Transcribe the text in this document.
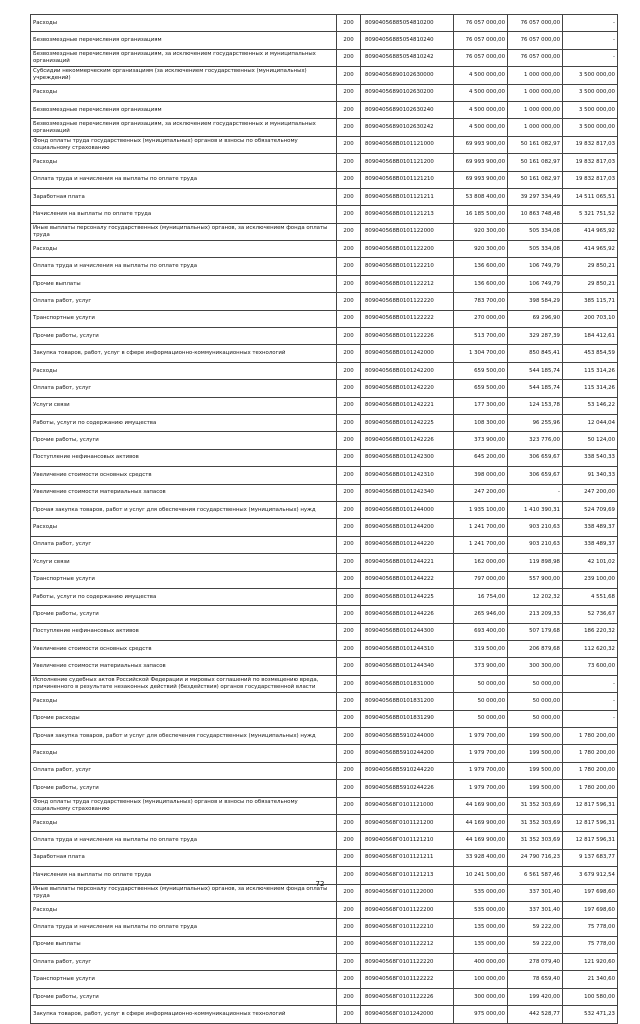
Расходы	200	80904056885054810200	76 057 000,00	76 057 000,00	-
Безвозмездные перечисления организациям	200	80904056885054810240	76 057 000,00	76 057 000,00	-
Безвозмездные перечисления организациям, за исключением государственных и муниципальных организаций	200	80904056885054810242	76 057 000,00	76 057 000,00	-
Субсидии некоммерческим организациям (за исключением государственных (муниципальных) учреждений)	200	80904056890102630000	4 500 000,00	1 000 000,00	3 500 000,00
Расходы	200	80904056890102630200	4 500 000,00	1 000 000,00	3 500 000,00
Безвозмездные перечисления организациям	200	80904056890102630240	4 500 000,00	1 000 000,00	3 500 000,00
Безвозмездные перечисления организациям, за исключением государственных и муниципальных организаций	200	80904056890102630242	4 500 000,00	1 000 000,00	3 500 000,00
Фонд оплаты труда государственных (муниципальных) органов и взносы по обязательному социальному страхованию	200	809040568B0101121000	69 993 900,00	50 161 082,97	19 832 817,03
Расходы	200	809040568B0101121200	69 993 900,00	50 161 082,97	19 832 817,03
Оплата труда и начисления на выплаты по оплате труда	200	809040568B0101121210	69 993 900,00	50 161 082,97	19 832 817,03
Заработная плата	200	809040568B0101121211	53 808 400,00	39 297 334,49	14 511 065,51
Начисления на выплаты по оплате труда	200	809040568B0101121213	16 185 500,00	10 863 748,48	5 321 751,52
Иные выплаты персоналу государственных (муниципальных) органов, за исключением фонда оплаты труда	200	809040568B0101122000	920 300,00	505 334,08	414 965,92
Расходы	200	809040568B0101122200	920 300,00	505 334,08	414 965,92
Оплата труда и начисления на выплаты по оплате труда	200	809040568B0101122210	136 600,00	106 749,79	29 850,21
Прочие выплаты	200	809040568B0101122212	136 600,00	106 749,79	29 850,21
Оплата работ, услуг	200	809040568B0101122220	783 700,00	398 584,29	385 115,71
Транспортные услуги	200	809040568B0101122222	270 000,00	69 296,90	200 703,10
Прочие работы, услуги	200	809040568B0101122226	513 700,00	329 287,39	184 412,61
Закупка товаров, работ, услуг в сфере информационно-коммуникационных технологий	200	809040568B0101242000	1 304 700,00	850 845,41	453 854,59
Расходы	200	809040568B0101242200	659 500,00	544 185,74	115 314,26
Оплата работ, услуг	200	809040568B0101242220	659 500,00	544 185,74	115 314,26
Услуги связи	200	809040568B0101242221	177 300,00	124 153,78	53 146,22
Работы, услуги по содержанию имущества	200	809040568B0101242225	108 300,00	96 255,96	12 044,04
Прочие работы, услуги	200	809040568B0101242226	373 900,00	323 776,00	50 124,00
Поступление нефинансовых активов	200	809040568B0101242300	645 200,00	306 659,67	338 540,33
Увеличение стоимости основных средств	200	809040568B0101242310	398 000,00	306 659,67	91 340,33
Увеличение стоимости материальных запасов	200	809040568B0101242340	247 200,00	-	247 200,00
Прочая закупка товаров, работ и услуг для обеспечения государственных (муниципальных) нужд	200	809040568B0101244000	1 935 100,00	1 410 390,31	524 709,69
Расходы	200	809040568B0101244200	1 241 700,00	903 210,63	338 489,37
Оплата работ, услуг	200	809040568B0101244220	1 241 700,00	903 210,63	338 489,37
Услуги связи	200	809040568B0101244221	162 000,00	119 898,98	42 101,02
Транспортные услуги	200	809040568B0101244222	797 000,00	557 900,00	239 100,00
Работы, услуги по содержанию имущества	200	809040568B0101244225	16 754,00	12 202,32	4 551,68
Прочие работы, услуги	200	809040568B0101244226	265 946,00	213 209,33	52 736,67
Поступление нефинансовых активов	200	809040568B0101244300	693 400,00	507 179,68	186 220,32
Увеличение стоимости основных средств	200	809040568B0101244310	319 500,00	206 879,68	112 620,32
Увеличение стоимости материальных запасов	200	809040568B0101244340	373 900,00	300 300,00	73 600,00
Исполнение судебных актов Российской Федерации и мировых соглашений по возмещению вреда, причиненного в результате незаконных действий (бездействия) органов государственной власти	200	809040568B0101831000	50 000,00	50 000,00	-
Расходы	200	809040568B0101831200	50 000,00	50 000,00	-
Прочие расходы	200	809040568B0101831290	50 000,00	50 000,00	-
Прочая закупка товаров, работ и услуг для обеспечения государственных (муниципальных) нужд	200	809040568B5910244000	1 979 700,00	199 500,00	1 780 200,00
Расходы	200	809040568B5910244200	1 979 700,00	199 500,00	1 780 200,00
Оплата работ, услуг	200	809040568B5910244220	1 979 700,00	199 500,00	1 780 200,00
Прочие работы, услуги	200	809040568B5910244226	1 979 700,00	199 500,00	1 780 200,00
Фонд оплаты труда государственных (муниципальных) органов и взносы по обязательному социальному страхованию	200	809040568Г0101121000	44 169 900,00	31 352 303,69	12 817 596,31
Расходы	200	809040568Г0101121200	44 169 900,00	31 352 303,69	12 817 596,31
Оплата труда и начисления на выплаты по оплате труда	200	809040568Г0101121210	44 169 900,00	31 352 303,69	12 817 596,31
Заработная плата	200	809040568Г0101121211	33 928 400,00	24 790 716,23	9 137 683,77
Начисления на выплаты по оплате труда	200	809040568Г0101121213	10 241 500,00	6 561 587,46	3 679 912,54
Иные выплаты персоналу государственных (муниципальных) органов, за исключением фонда оплаты труда	200	809040568Г0101122000	535 000,00	337 301,40	197 698,60
Расходы	200	809040568Г0101122200	535 000,00	337 301,40	197 698,60
Оплата труда и начисления на выплаты по оплате труда	200	809040568Г0101122210	135 000,00	59 222,00	75 778,00
Прочие выплаты	200	809040568Г0101122212	135 000,00	59 222,00	75 778,00
Оплата работ, услуг	200	809040568Г0101122220	400 000,00	278 079,40	121 920,60
Транспортные услуги	200	809040568Г0101122222	100 000,00	78 659,40	21 340,60
Прочие работы, услуги	200	809040568Г0101122226	300 000,00	199 420,00	100 580,00
Закупка товаров, работ, услуг в сфере информационно-коммуникационных технологий	200	809040568Г0101242000	975 000,00	442 528,77	532 471,23
72
